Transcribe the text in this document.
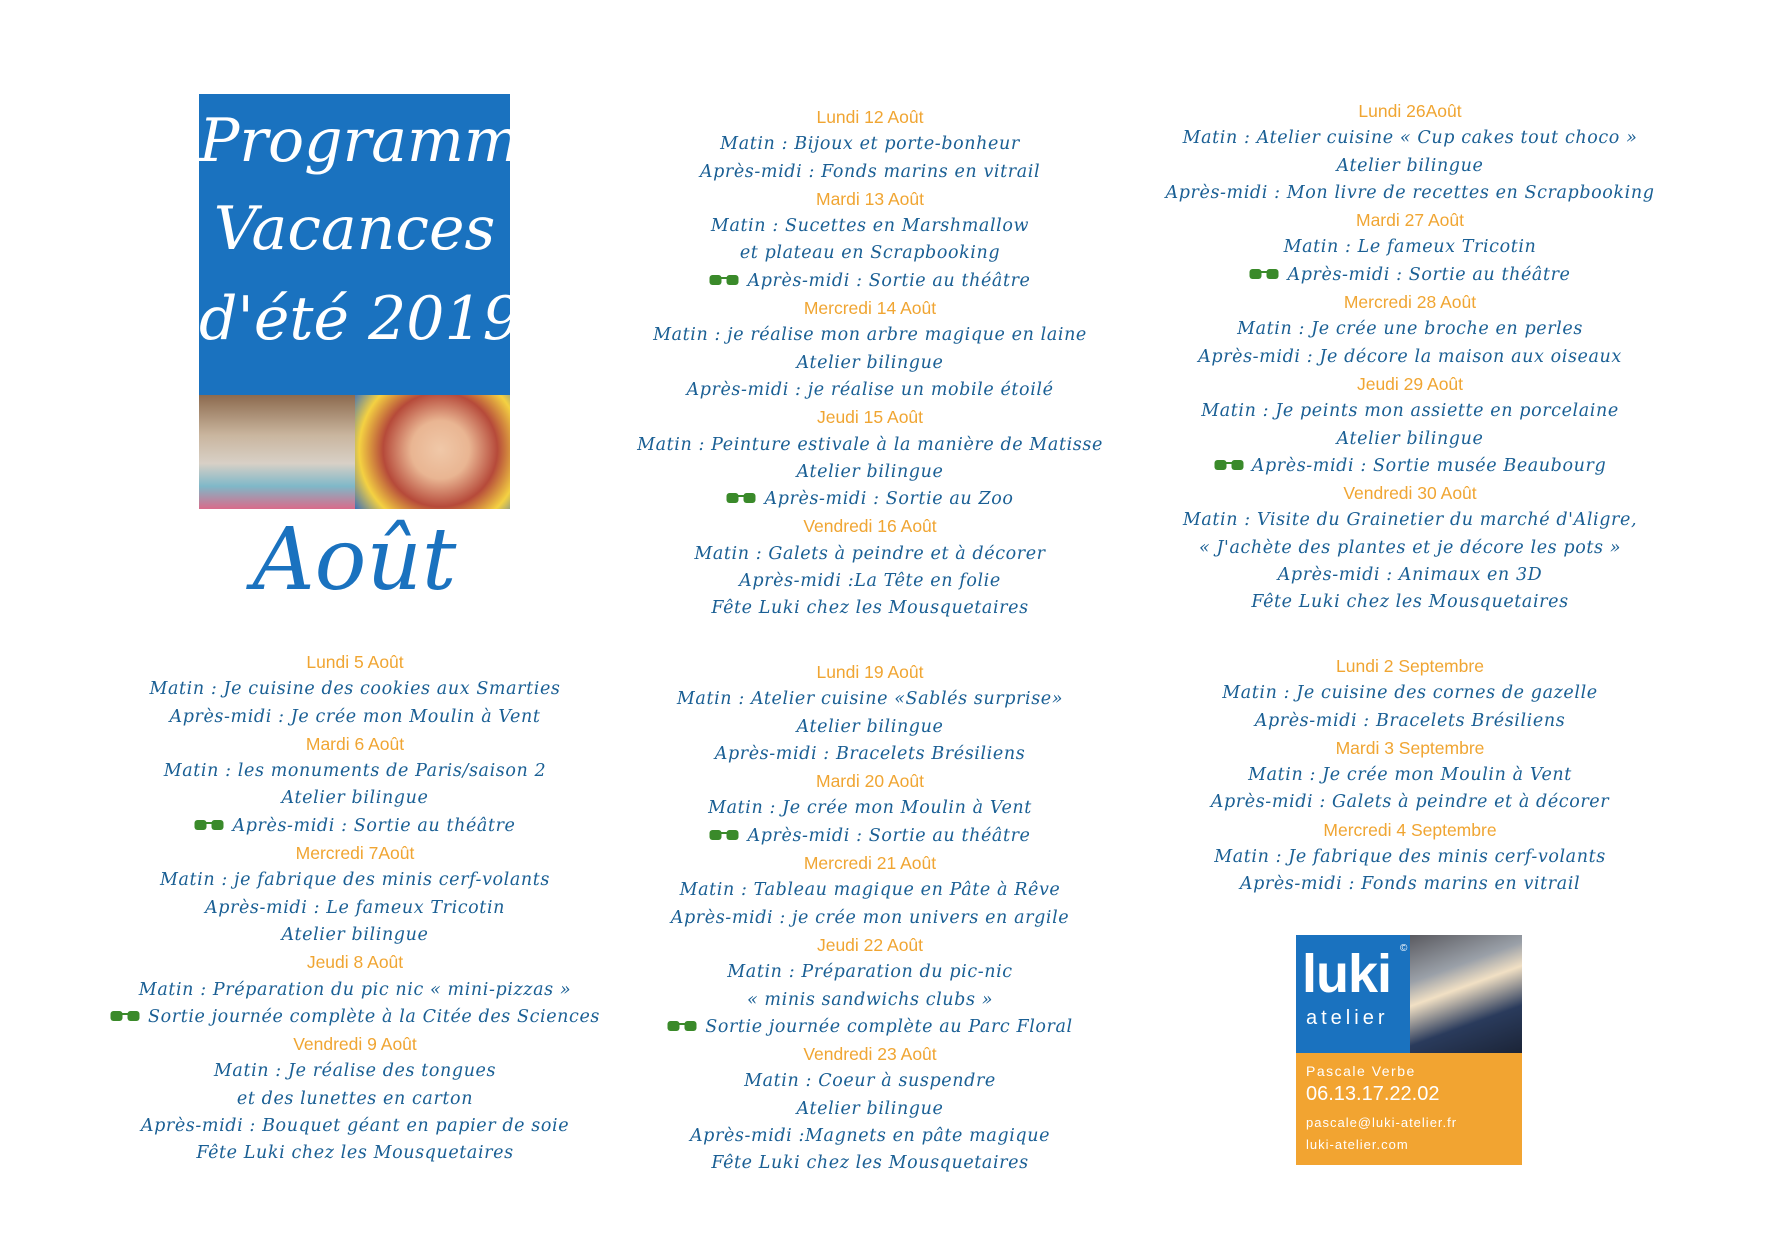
Programme
Vacances
d'été 2019
Août
Lundi 5 Août
Matin : Je cuisine des cookies aux Smarties
Après-midi : Je crée mon Moulin à Vent
Mardi 6 Août
Matin : les monuments de Paris/saison 2
Atelier bilingue
Après-midi : Sortie au théâtre
Mercredi 7Août
Matin : je fabrique des minis cerf-volants
Après-midi : Le fameux Tricotin
Atelier bilingue
Jeudi 8 Août
Matin : Préparation du pic nic « mini-pizzas »
Sortie journée complète à la Citée des Sciences
Vendredi 9 Août
Matin : Je réalise des tongues
et des lunettes en carton
Après-midi : Bouquet géant en papier de soie
Fête Luki chez les Mousquetaires
Lundi 12 Août
Matin : Bijoux et porte-bonheur
Après-midi : Fonds marins en vitrail
Mardi 13 Août
Matin : Sucettes en Marshmallow
et plateau en Scrapbooking
Après-midi : Sortie au théâtre
Mercredi 14 Août
Matin : je réalise mon arbre magique en laine
Atelier bilingue
Après-midi : je réalise un mobile étoilé
Jeudi 15 Août
Matin : Peinture estivale à la manière de Matisse
Atelier bilingue
Après-midi : Sortie au Zoo
Vendredi 16 Août
Matin : Galets à peindre et à décorer
Après-midi :La Tête en folie
Fête Luki chez les Mousquetaires
Lundi 19 Août
Matin : Atelier cuisine «Sablés surprise»
Atelier bilingue
Après-midi : Bracelets Brésiliens
Mardi 20 Août
Matin : Je crée mon Moulin à Vent
Après-midi : Sortie au théâtre
Mercredi 21 Août
Matin : Tableau magique en Pâte à Rêve
Après-midi : je crée mon univers en argile
Jeudi 22 Août
Matin : Préparation du pic-nic
« minis sandwichs clubs »
Sortie journée complète au Parc Floral
Vendredi 23 Août
Matin : Coeur à suspendre
Atelier bilingue
Après-midi :Magnets en pâte magique
Fête Luki chez les Mousquetaires
Lundi 26Août
Matin : Atelier cuisine « Cup cakes tout choco »
Atelier bilingue
Après-midi : Mon livre de recettes en Scrapbooking
Mardi 27 Août
Matin : Le fameux Tricotin
Après-midi : Sortie au théâtre
Mercredi 28 Août
Matin : Je crée une broche en perles
Après-midi : Je décore la maison aux oiseaux
Jeudi 29 Août
Matin : Je peints mon assiette en porcelaine
Atelier bilingue
Après-midi : Sortie musée Beaubourg
Vendredi 30 Août
Matin : Visite du Grainetier du marché d'Aligre,
« J'achète des plantes et je décore les pots »
Après-midi : Animaux en 3D
Fête Luki chez les Mousquetaires
Lundi 2 Septembre
Matin : Je cuisine des cornes de gazelle
Après-midi : Bracelets Brésiliens
Mardi 3 Septembre
Matin : Je crée mon Moulin à Vent
Après-midi : Galets à peindre et à décorer
Mercredi 4 Septembre
Matin : Je fabrique des minis cerf-volants
Après-midi : Fonds marins en vitrail
luki ©
atelier
Pascale Verbe
06.13.17.22.02
pascale@luki-atelier.fr
luki-atelier.com
